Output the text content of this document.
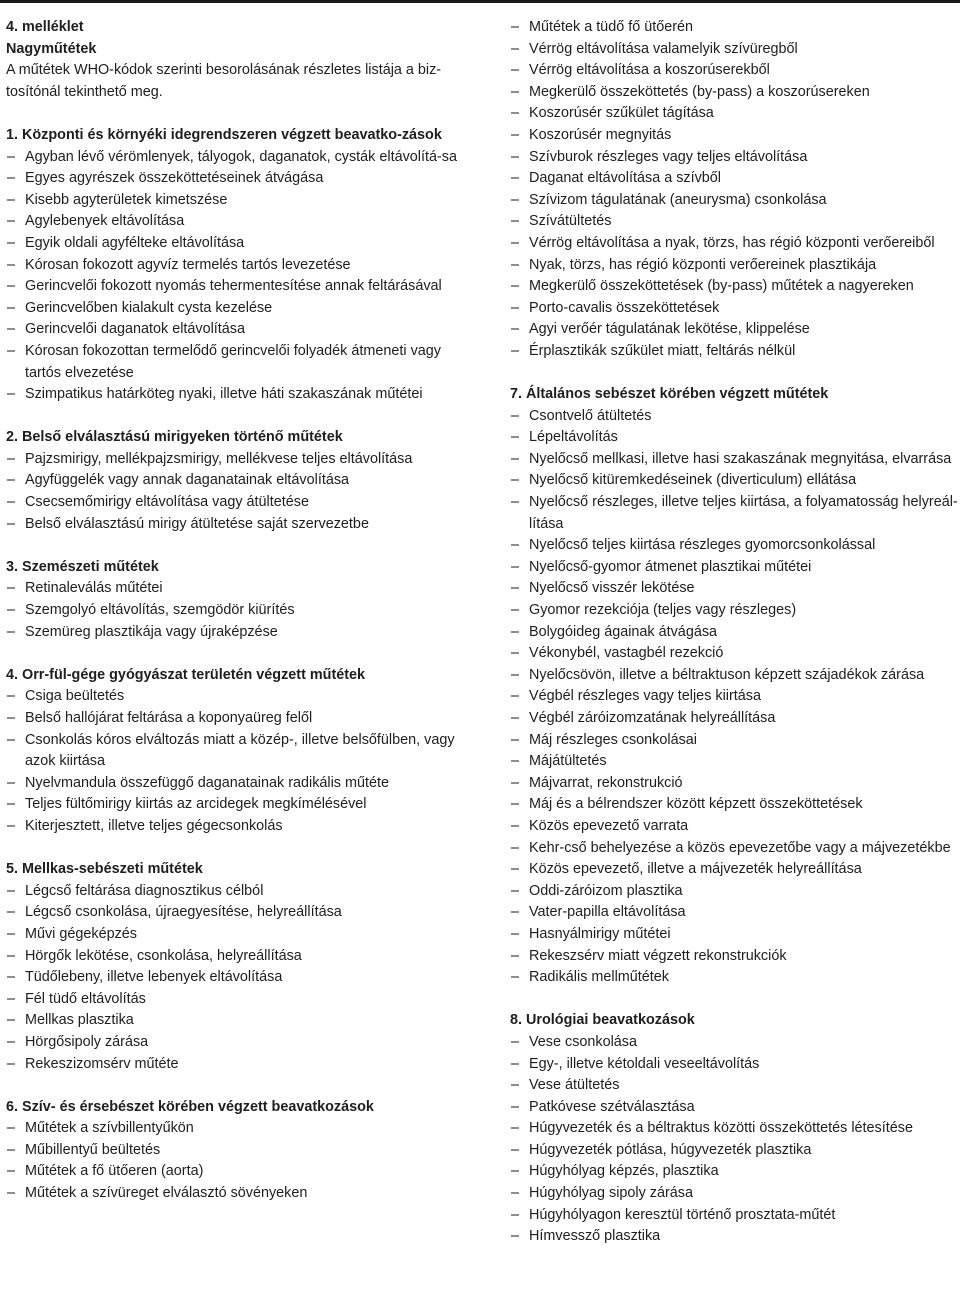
4. melléklet
Nagyműtétek

A műtétek WHO-kódok szerinti besorolásának részletes listája a biz-tosítónál tekinthető meg.

1. Központi és környéki idegrendszeren végzett beavatko-zások

– Agyban lévő vérömlenyek, tályogok, daganatok, cysták eltávolítá-sa
– Egyes agyrészek összeköttetéseinek átvágása
– Kisebb agyterületek kimetszése
– Agylebenyek eltávolítása
– Egyik oldali agyfélteke eltávolítása
– Kórosan fokozott agyvíz termelés tartós levezetése
– Gerincvelői fokozott nyomás tehermentesítése annak feltárásával
– Gerincvelőben kialakult cysta kezelése
– Gerincvelői daganatok eltávolítása
– Kórosan fokozottan termelődő gerincvelői folyadék átmeneti vagy tartós elvezetése
– Szimpatikus határköteg nyaki, illetve háti szakaszának műtétei

2. Belső elválasztású mirigyeken történő műtétek

– Pajzsmirigy, mellékpajzsmirigy, mellékvese teljes eltávolítása
– Agyfüggelék vagy annak daganatainak eltávolítása
– Csecsemőmirigy eltávolítása vagy átültetése
– Belső elválasztású mirigy átültetése saját szervezetbe

3. Szemészeti műtétek

– Retinaleválás műtétei
– Szemgolyó eltávolítás, szemgödör kiürítés
– Szemüreg plasztikája vagy újraképzése

4. Orr-fül-gége gyógyászat területén végzett műtétek

– Csiga beültetés
– Belső hallójárat feltárása a koponyaüreg felől
– Csonkolás kóros elváltozás miatt a közép-, illetve belsőfülben, vagy azok kiirtása
– Nyelvmandula összefüggő daganatainak radikális műtéte
– Teljes fültőmirigy kiirtás az arcidegek megkímélésével
– Kiterjesztett, illetve teljes gégecsonkolás

5. Mellkas-sebészeti műtétek

– Légcső feltárása diagnosztikus célból
– Légcső csonkolása, újraegyesítése, helyreállítása
– Művi gégeképzés
– Hörgők lekötése, csonkolása, helyreállítása
– Tüdőlebeny, illetve lebenyek eltávolítása
– Fél tüdő eltávolítás
– Mellkas plasztika
– Hörgősipoly zárása
– Rekeszizomsérv műtéte

6. Szív- és érsebészet körében végzett beavatkozások

– Műtétek a szívbillentyűkön
– Műbillentyű beültetés
– Műtétek a fő ütőeren (aorta)
– Műtétek a szívüreget elválasztó sövényeken
– Műtétek a tüdő fő ütőerén
– Vérrög eltávolítása valamelyik szívüregből
– Vérrög eltávolítása a koszorúserekből
– Megkerülő összeköttetés (by-pass) a koszorúsereken
– Koszorúsér szűkület tágítása
– Koszorúsér megnyitás
– Szívburok részleges vagy teljes eltávolítása
– Daganat eltávolítása a szívből
– Szívizom tágulatának (aneurysma) csonkolása
– Szívátültetés
– Vérrög eltávolítása a nyak, törzs, has régió központi verőereiből
– Nyak, törzs, has régió központi verőereinek plasztikája
– Megkerülő összeköttetések (by-pass) műtétek a nagyereken
– Porto-cavalis összeköttetések
– Agyi verőér tágulatának lekötése, klippelése
– Érplasztikák szűkület miatt, feltárás nélkül

7. Általános sebészet körében végzett műtétek

– Csontvelő átültetés
– Lépeltávolítás
– Nyelőcső mellkasi, illetve hasi szakaszának megnyitása, elvarrása
– Nyelőcső kitüremkedéseinek (diverticulum) ellátása
– Nyelőcső részleges, illetve teljes kiirtása, a folyamatosság helyreál-lítása
– Nyelőcső teljes kiirtása részleges gyomorcsonkolással
– Nyelőcső-gyomor átmenet plasztikai műtétei
– Nyelőcső visszér lekötése
– Gyomor rezekciója (teljes vagy részleges)
– Bolygóideg ágainak átvágása
– Vékonybél, vastagbél rezekció
– Nyelőcsövön, illetve a béltraktuson képzett szájadékok zárása
– Végbél részleges vagy teljes kiirtása
– Végbél záróizomzatának helyreállítása
– Máj részleges csonkolásai
– Májátültetés
– Májvarrat, rekonstrukció
– Máj és a bélrendszer között képzett összeköttetések
– Közös epevezető varrata
– Kehr-cső behelyezése a közös epevezetőbe vagy a májvezetékbe
– Közös epevezető, illetve a májvezeték helyreállítása
– Oddi-záróizom plasztika
– Vater-papilla eltávolítása
– Hasnyálmirigy műtétei
– Rekeszsérv miatt végzett rekonstrukciók
– Radikális mellműtétek

8. Urológiai beavatkozások

– Vese csonkolása
– Egy-, illetve kétoldali veseeltávolítás
– Vese átültetés
– Patkóvese szétválasztása
– Húgyvezeték és a béltraktus közötti összeköttetés létesítése
– Húgyvezeték pótlása, húgyvezeték plasztika
– Húgyhólyag képzés, plasztika
– Húgyhólyag sipoly zárása
– Húgyhólyagon keresztül történő prosztata-műtét
– Hímvessző plasztika
